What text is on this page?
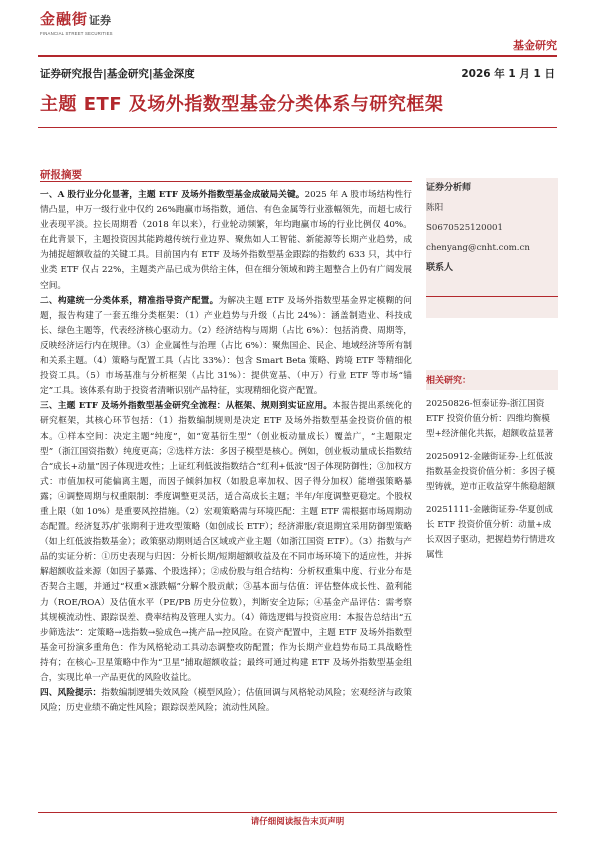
金融街证券
FINANCIAL STREET SECURITIES
基金研究
证券研究报告|基金研究|基金深度	2026 年 1 月 1 日
主题 ETF 及场外指数型基金分类体系与研究框架
研报摘要

一、A 股行业分化显著，主题 ETF 及场外指数型基金成破局关键。2025 年 A 股市场结构性行情凸显，申万一级行业中仅约 26%跑赢市场指数，通信、有色金属等行业涨幅领先，而超七成行业表现平淡。拉长周期看（2018 年以来），行业轮动频繁，年均跑赢市场的行业比例仅 40%。在此背景下，主题投资因其能跨越传统行业边界、聚焦如人工智能、新能源等长期产业趋势，成为捕捉超额收益的关键工具。目前国内有 ETF 及场外指数型基金跟踪的指数约 633 只，其中行业类 ETF 仅占 22%，主题类产品已成为供给主体，但在细分领域和跨主题整合上仍有广阔发展空间。

二、构建统一分类体系，精准指导资产配置。为解决主题 ETF 及场外指数型基金界定模糊的问题，报告构建了一套五维分类框架：（1）产业趋势与升级（占比 24%）：涵盖制造业、科技成长、绿色主题等，代表经济核心驱动力。（2）经济结构与周期（占比 6%）：包括消费、周期等，反映经济运行内在规律。（3）企业属性与治理（占比 6%）：聚焦国企、民企、地域经济等所有制和关系主题。（4）策略与配置工具（占比 33%）：包含 Smart Beta 策略、跨境 ETF 等精细化投资工具。（5）市场基准与分析框架（占比 31%）：提供宽基、（申万）行业 ETF 等市场“锚定”工具。该体系有助于投资者清晰识别产品特征，实现精细化资产配置。

三、主题 ETF 及场外指数型基金研究全流程：从框架、规则到实证应用。本报告提出系统化的研究框架，其核心环节包括：（1）指数编制规则是决定 ETF 及场外指数型基金投资价值的根本。①样本空间：决定主题“纯度”，如“宽基衍生型”（创业板动量成长）覆盖广，“主题限定型”（浙江国资指数）纯度更高；②选样方法：多因子模型是核心。例如，创业板动量成长指数结合“成长+动量”因子体现进攻性；上证红利低波指数结合“红利+低波”因子体现防御性；③加权方式：市值加权可能偏离主题，而因子倾斜加权（如股息率加权、因子得分加权）能增强策略暴露；④调整周期与权重限制：季度调整更灵活，适合高成长主题；半年/年度调整更稳定。个股权重上限（如 10%）是重要风控措施。（2）宏观策略需与环境匹配：主题 ETF 需根据市场周期动态配置。经济复苏/扩张期利于进攻型策略（如创成长 ETF）；经济滞胀/衰退期宜采用防御型策略（如上红低波指数基金）；政策驱动期则适合区域或产业主题（如浙江国资 ETF）。（3）指数与产品的实证分析：①历史表现与归因：分析长期/短期超额收益及在不同市场环境下的适应性，并拆解超额收益来源（如因子暴露、个股选择）；②成份股与组合结构：分析权重集中度、行业分布是否契合主题，并通过“权重×涨跌幅”分解个股贡献；③基本面与估值：评估整体成长性、盈利能力（ROE/ROA）及估值水平（PE/PB 历史分位数），判断安全边际；④基金产品评估：需考察其规模流动性、跟踪误差、费率结构及管理人实力。（4）筛选逻辑与投资应用：本报告总结出“五步筛选法”：定策略→选指数→验成色→挑产品→控风险。在资产配置中，主题 ETF 及场外指数型基金可扮演多重角色：作为风格轮动工具动态调整攻防配置；作为长期产业趋势布局工具战略性持有；在核心-卫星策略中作为“卫星”捕取超额收益；最终可通过构建 ETF 及场外指数型基金组合，实现比单一产品更优的风险收益比。

四、风险提示：指数编制逻辑失效风险（模型风险）；估值回调与风格轮动风险；宏观经济与政策风险；历史业绩不确定性风险；跟踪误差风险；流动性风险。

证券分析师
陈阳
S0670525120001
chenyang@cnht.com.cn
联系人
相关研究：
20250826-恒泰证券-浙江国资 ETF 投资价值分析：四维均衡模型+经济催化共振，超额收益显著
20250912-金融街证券-上红低波指数基金投资价值分析：多因子模型铸就，逆市正收益穿牛熊稳超额
20251111-金融街证券-华夏创成长 ETF 投资价值分析：动量+成长双因子驱动，把握趋势行情进攻属性
请仔细阅读报告末页声明
